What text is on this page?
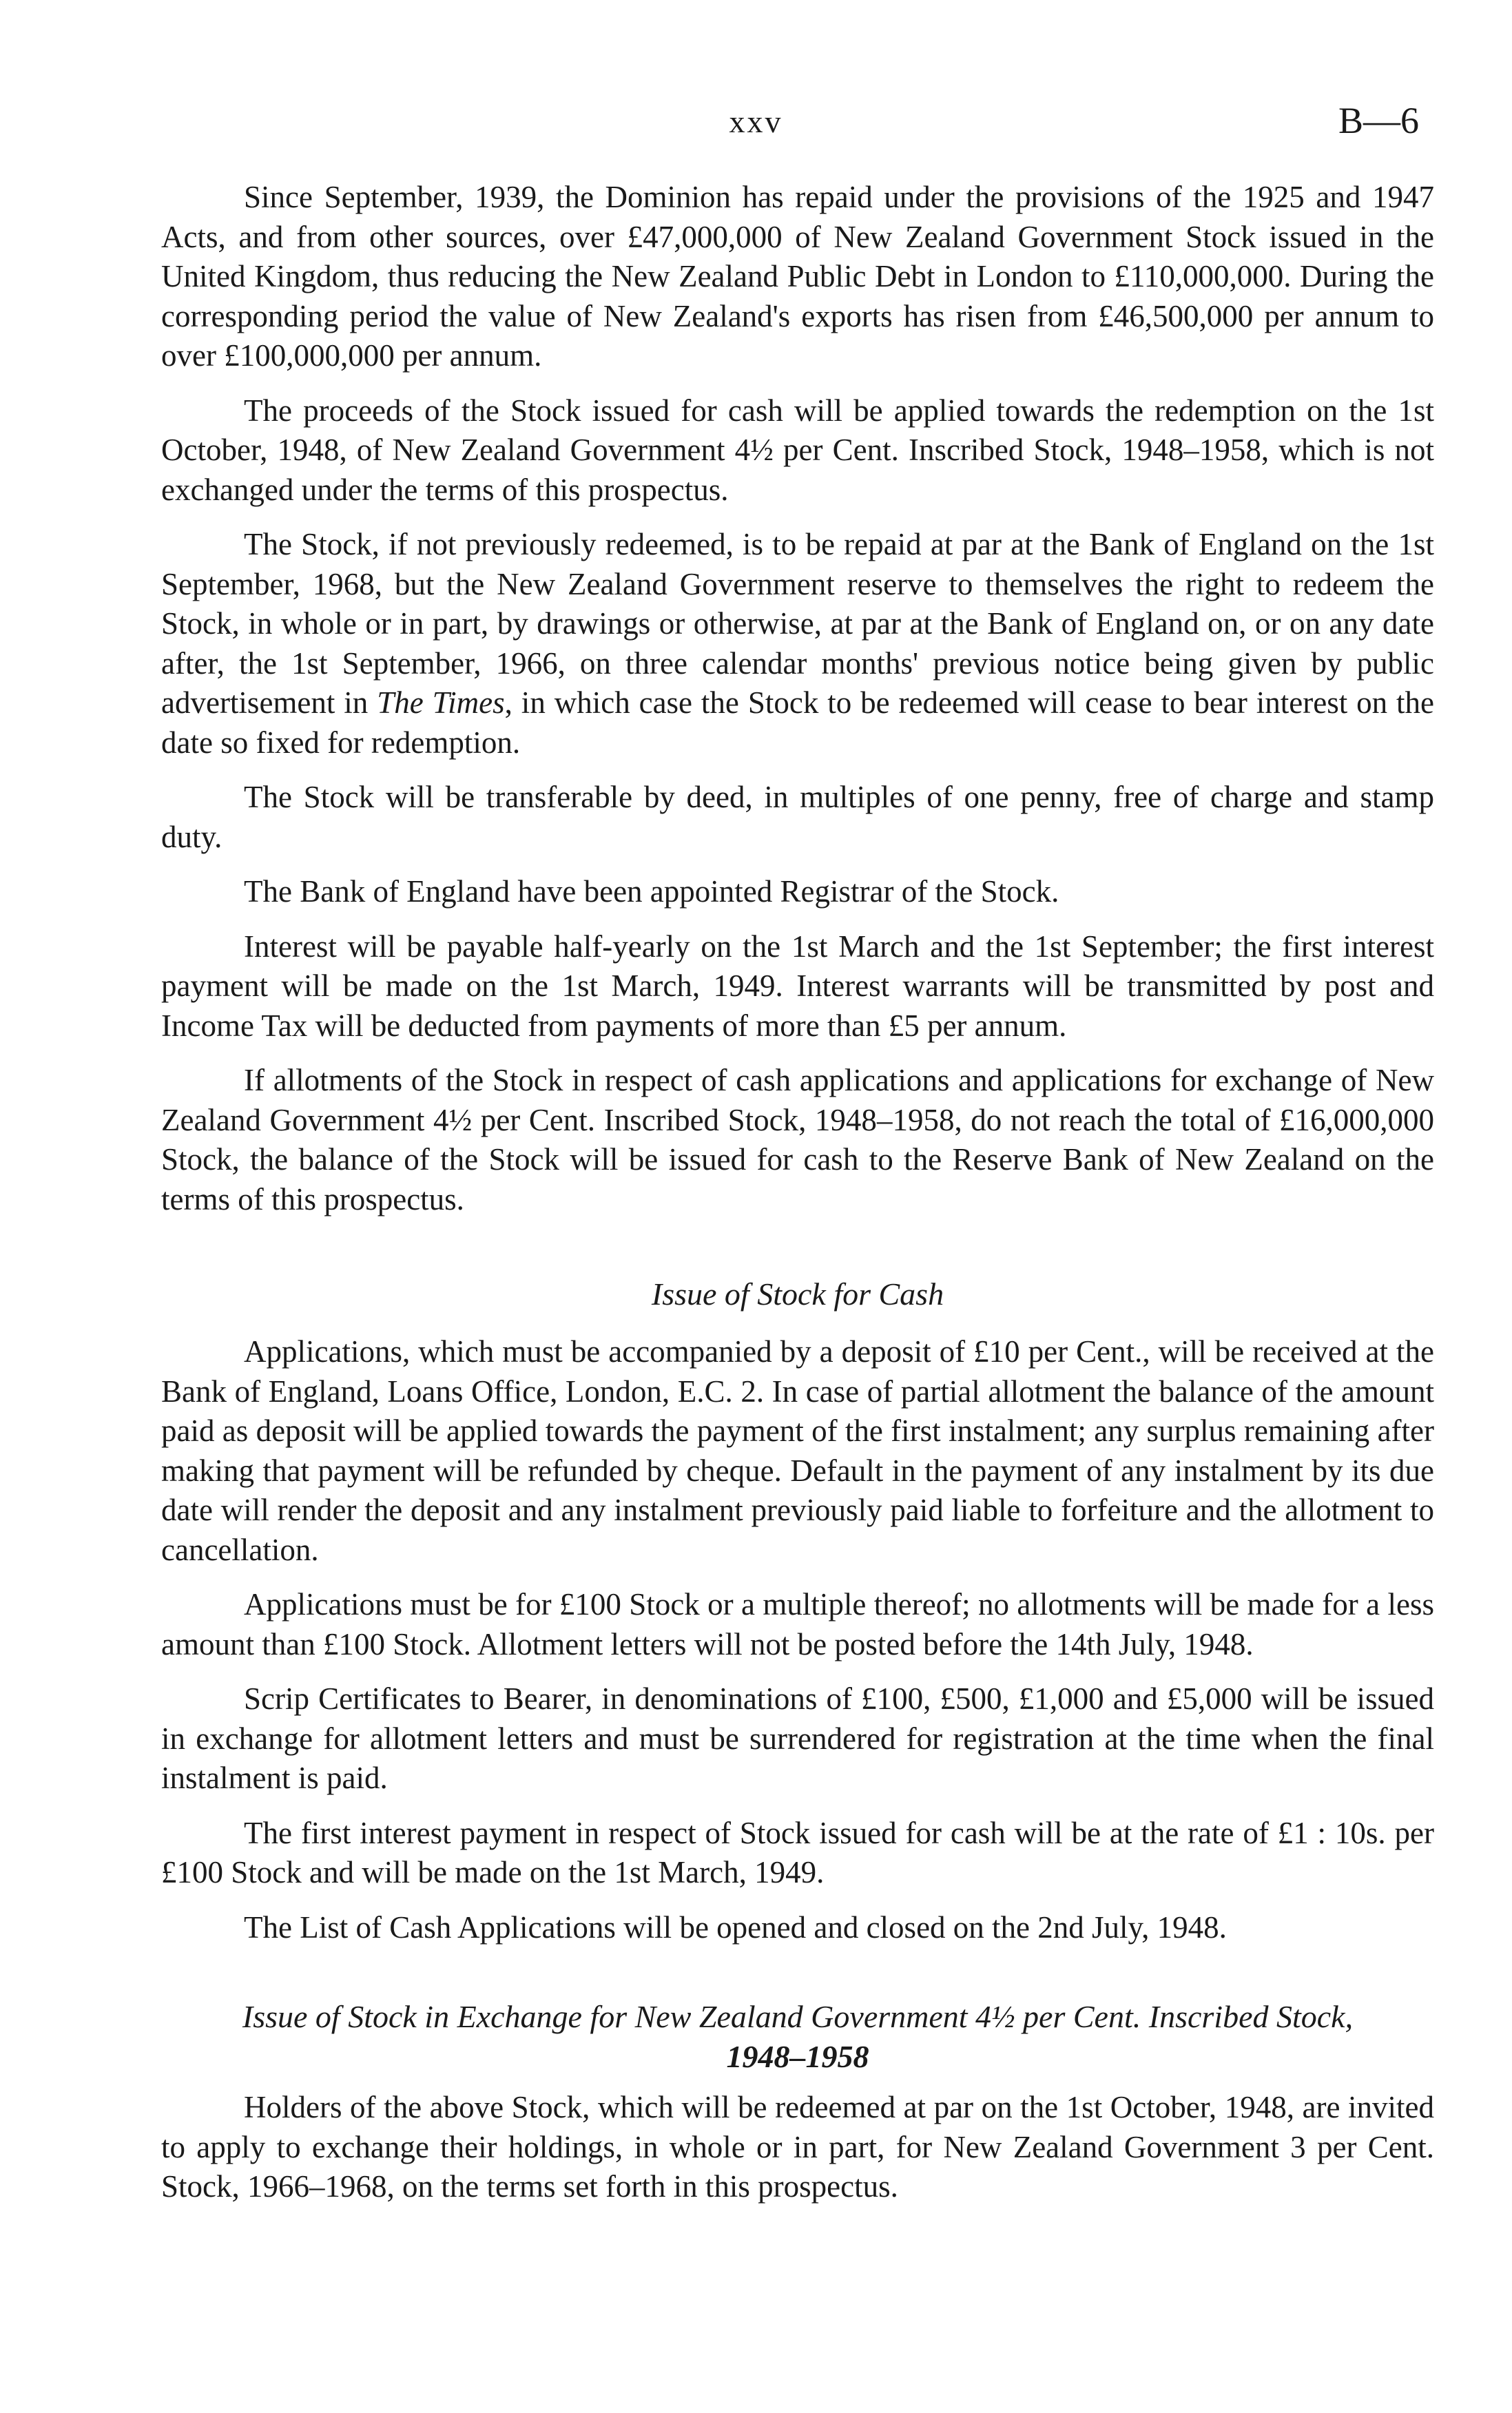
xxv	B—6

Since September, 1939, the Dominion has repaid under the provisions of the 1925 and 1947 Acts, and from other sources, over £47,000,000 of New Zealand Government Stock issued in the United Kingdom, thus reducing the New Zealand Public Debt in London to £110,000,000. During the corresponding period the value of New Zealand's exports has risen from £46,500,000 per annum to over £100,000,000 per annum.

The proceeds of the Stock issued for cash will be applied towards the redemption on the 1st October, 1948, of New Zealand Government 4½ per Cent. Inscribed Stock, 1948–1958, which is not exchanged under the terms of this prospectus.

The Stock, if not previously redeemed, is to be repaid at par at the Bank of England on the 1st September, 1968, but the New Zealand Government reserve to themselves the right to redeem the Stock, in whole or in part, by drawings or otherwise, at par at the Bank of England on, or on any date after, the 1st September, 1966, on three calendar months' previous notice being given by public advertisement in The Times, in which case the Stock to be redeemed will cease to bear interest on the date so fixed for redemption.

The Stock will be transferable by deed, in multiples of one penny, free of charge and stamp duty.

The Bank of England have been appointed Registrar of the Stock.

Interest will be payable half-yearly on the 1st March and the 1st September; the first interest payment will be made on the 1st March, 1949. Interest warrants will be transmitted by post and Income Tax will be deducted from payments of more than £5 per annum.

If allotments of the Stock in respect of cash applications and applications for exchange of New Zealand Government 4½ per Cent. Inscribed Stock, 1948–1958, do not reach the total of £16,000,000 Stock, the balance of the Stock will be issued for cash to the Reserve Bank of New Zealand on the terms of this prospectus.

Issue of Stock for Cash

Applications, which must be accompanied by a deposit of £10 per Cent., will be received at the Bank of England, Loans Office, London, E.C. 2. In case of partial allotment the balance of the amount paid as deposit will be applied towards the payment of the first instalment; any surplus remaining after making that payment will be refunded by cheque. Default in the payment of any instalment by its due date will render the deposit and any instalment previously paid liable to forfeiture and the allotment to cancellation.

Applications must be for £100 Stock or a multiple thereof; no allotments will be made for a less amount than £100 Stock. Allotment letters will not be posted before the 14th July, 1948.

Scrip Certificates to Bearer, in denominations of £100, £500, £1,000 and £5,000 will be issued in exchange for allotment letters and must be surrendered for registration at the time when the final instalment is paid.

The first interest payment in respect of Stock issued for cash will be at the rate of £1 : 10s. per £100 Stock and will be made on the 1st March, 1949.

The List of Cash Applications will be opened and closed on the 2nd July, 1948.

Issue of Stock in Exchange for New Zealand Government 4½ per Cent. Inscribed Stock,
1948–1958

Holders of the above Stock, which will be redeemed at par on the 1st October, 1948, are invited to apply to exchange their holdings, in whole or in part, for New Zealand Government 3 per Cent. Stock, 1966–1968, on the terms set forth in this prospectus.
